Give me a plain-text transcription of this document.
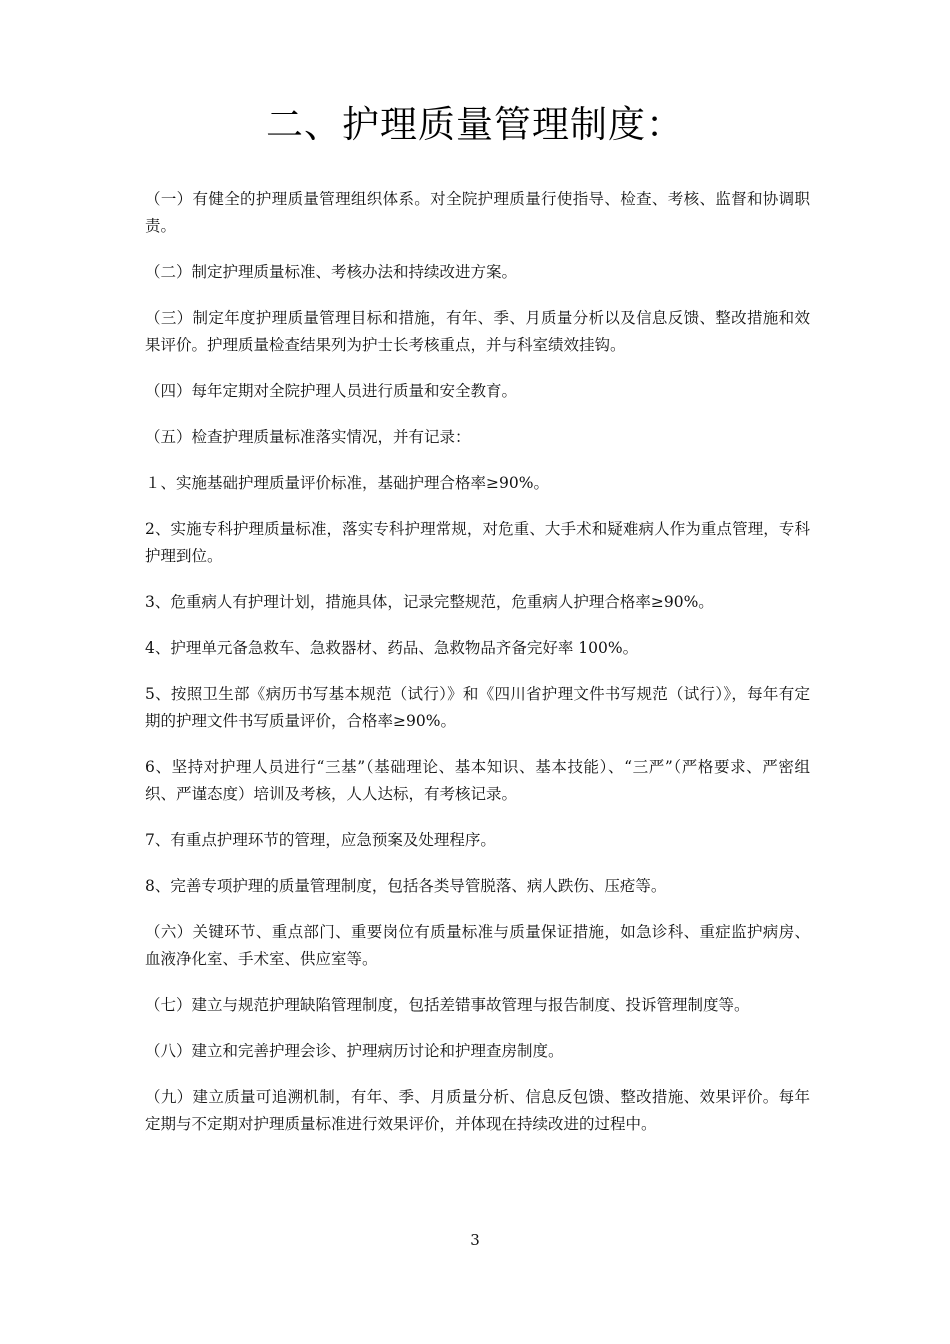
二、护理质量管理制度：

（一）有健全的护理质量管理组织体系。对全院护理质量行使指导、检查、考核、监督和协调职责。

（二）制定护理质量标准、考核办法和持续改进方案。

（三）制定年度护理质量管理目标和措施，有年、季、月质量分析以及信息反馈、整改措施和效果评价。护理质量检查结果列为护士长考核重点，并与科室绩效挂钩。

（四）每年定期对全院护理人员进行质量和安全教育。

（五）检查护理质量标准落实情况，并有记录：

１、实施基础护理质量评价标准，基础护理合格率≥90%。

2、实施专科护理质量标准，落实专科护理常规，对危重、大手术和疑难病人作为重点管理，专科护理到位。

3、危重病人有护理计划，措施具体，记录完整规范，危重病人护理合格率≥90%。

4、护理单元备急救车、急救器材、药品、急救物品齐备完好率 100%。

5、按照卫生部《病历书写基本规范（试行）》和《四川省护理文件书写规范（试行）》，每年有定期的护理文件书写质量评价，合格率≥90%。

6、坚持对护理人员进行“三基”（基础理论、基本知识、基本技能）、“三严”（严格要求、严密组织、严谨态度）培训及考核，人人达标，有考核记录。

7、有重点护理环节的管理，应急预案及处理程序。

8、完善专项护理的质量管理制度，包括各类导管脱落、病人跌伤、压疮等。

（六）关键环节、重点部门、重要岗位有质量标准与质量保证措施，如急诊科、重症监护病房、血液净化室、手术室、供应室等。

（七）建立与规范护理缺陷管理制度，包括差错事故管理与报告制度、投诉管理制度等。

（八）建立和完善护理会诊、护理病历讨论和护理查房制度。

（九）建立质量可追溯机制，有年、季、月质量分析、信息反包馈、整改措施、效果评价。每年定期与不定期对护理质量标准进行效果评价，并体现在持续改进的过程中。

3
